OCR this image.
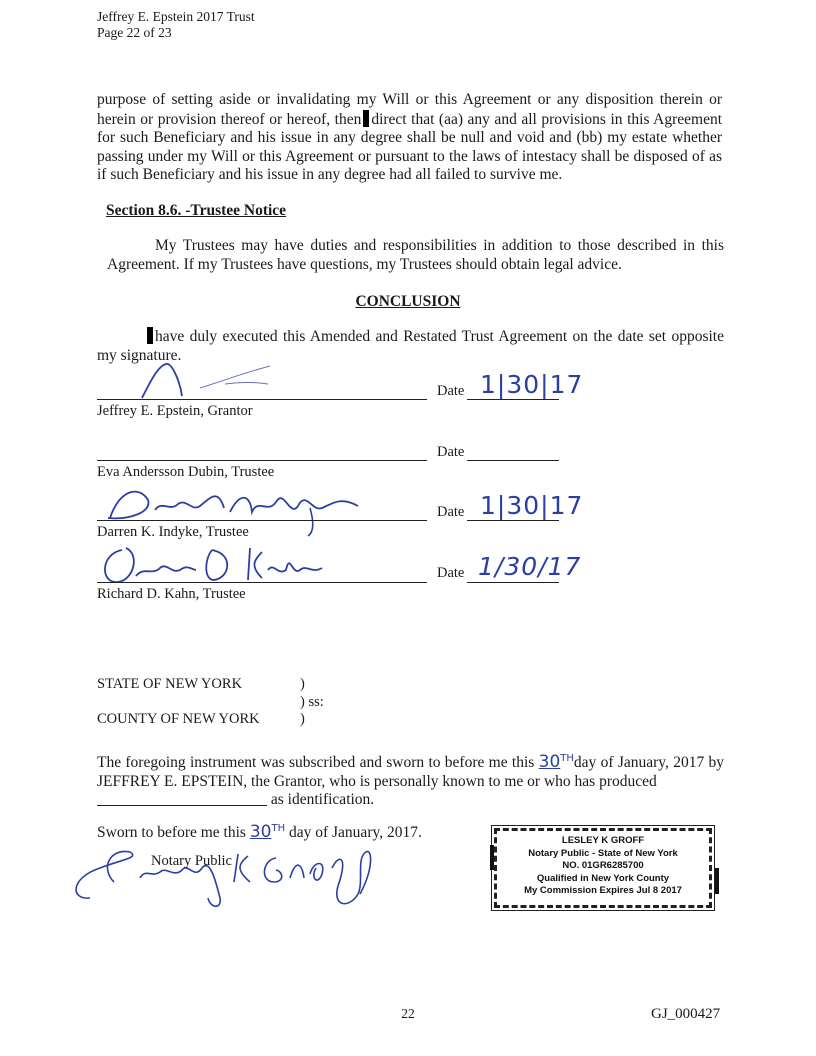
Jeffrey E. Epstein 2017 Trust
Page 22 of 23
purpose of setting aside or invalidating my Will or this Agreement or any disposition therein or herein or provision thereof or hereof, then direct that (aa) any and all provisions in this Agreement for such Beneficiary and his issue in any degree shall be null and void and (bb) my estate whether passing under my Will or this Agreement or pursuant to the laws of intestacy shall be disposed of as if such Beneficiary and his issue in any degree had all failed to survive me.
Section 8.6. -Trustee Notice
My Trustees may have duties and responsibilities in addition to those described in this Agreement. If my Trustees have questions, my Trustees should obtain legal advice.
CONCLUSION
have duly executed this Amended and Restated Trust Agreement on the date set opposite my signature.
Jeffrey E. Epstein, Grantor
Date 1|30|17
Eva Andersson Dubin, Trustee
Date
Darren K. Indyke, Trustee
Date 1|30|17
Richard D. Kahn, Trustee
Date 1/30/17
STATE OF NEW YORK	)
) ss:
COUNTY OF NEW YORK	)
The foregoing instrument was subscribed and sworn to before me this 30THday of January, 2017 by JEFFREY E. EPSTEIN, the Grantor, who is personally known to me or who has produced
as identification.
Sworn to before me this 30TH day of January, 2017.
Notary Public
LESLEY K GROFF
Notary Public - State of New York
NO. 01GR6285700
Qualified in New York County
My Commission Expires Jul 8 2017
22	GJ_000427
